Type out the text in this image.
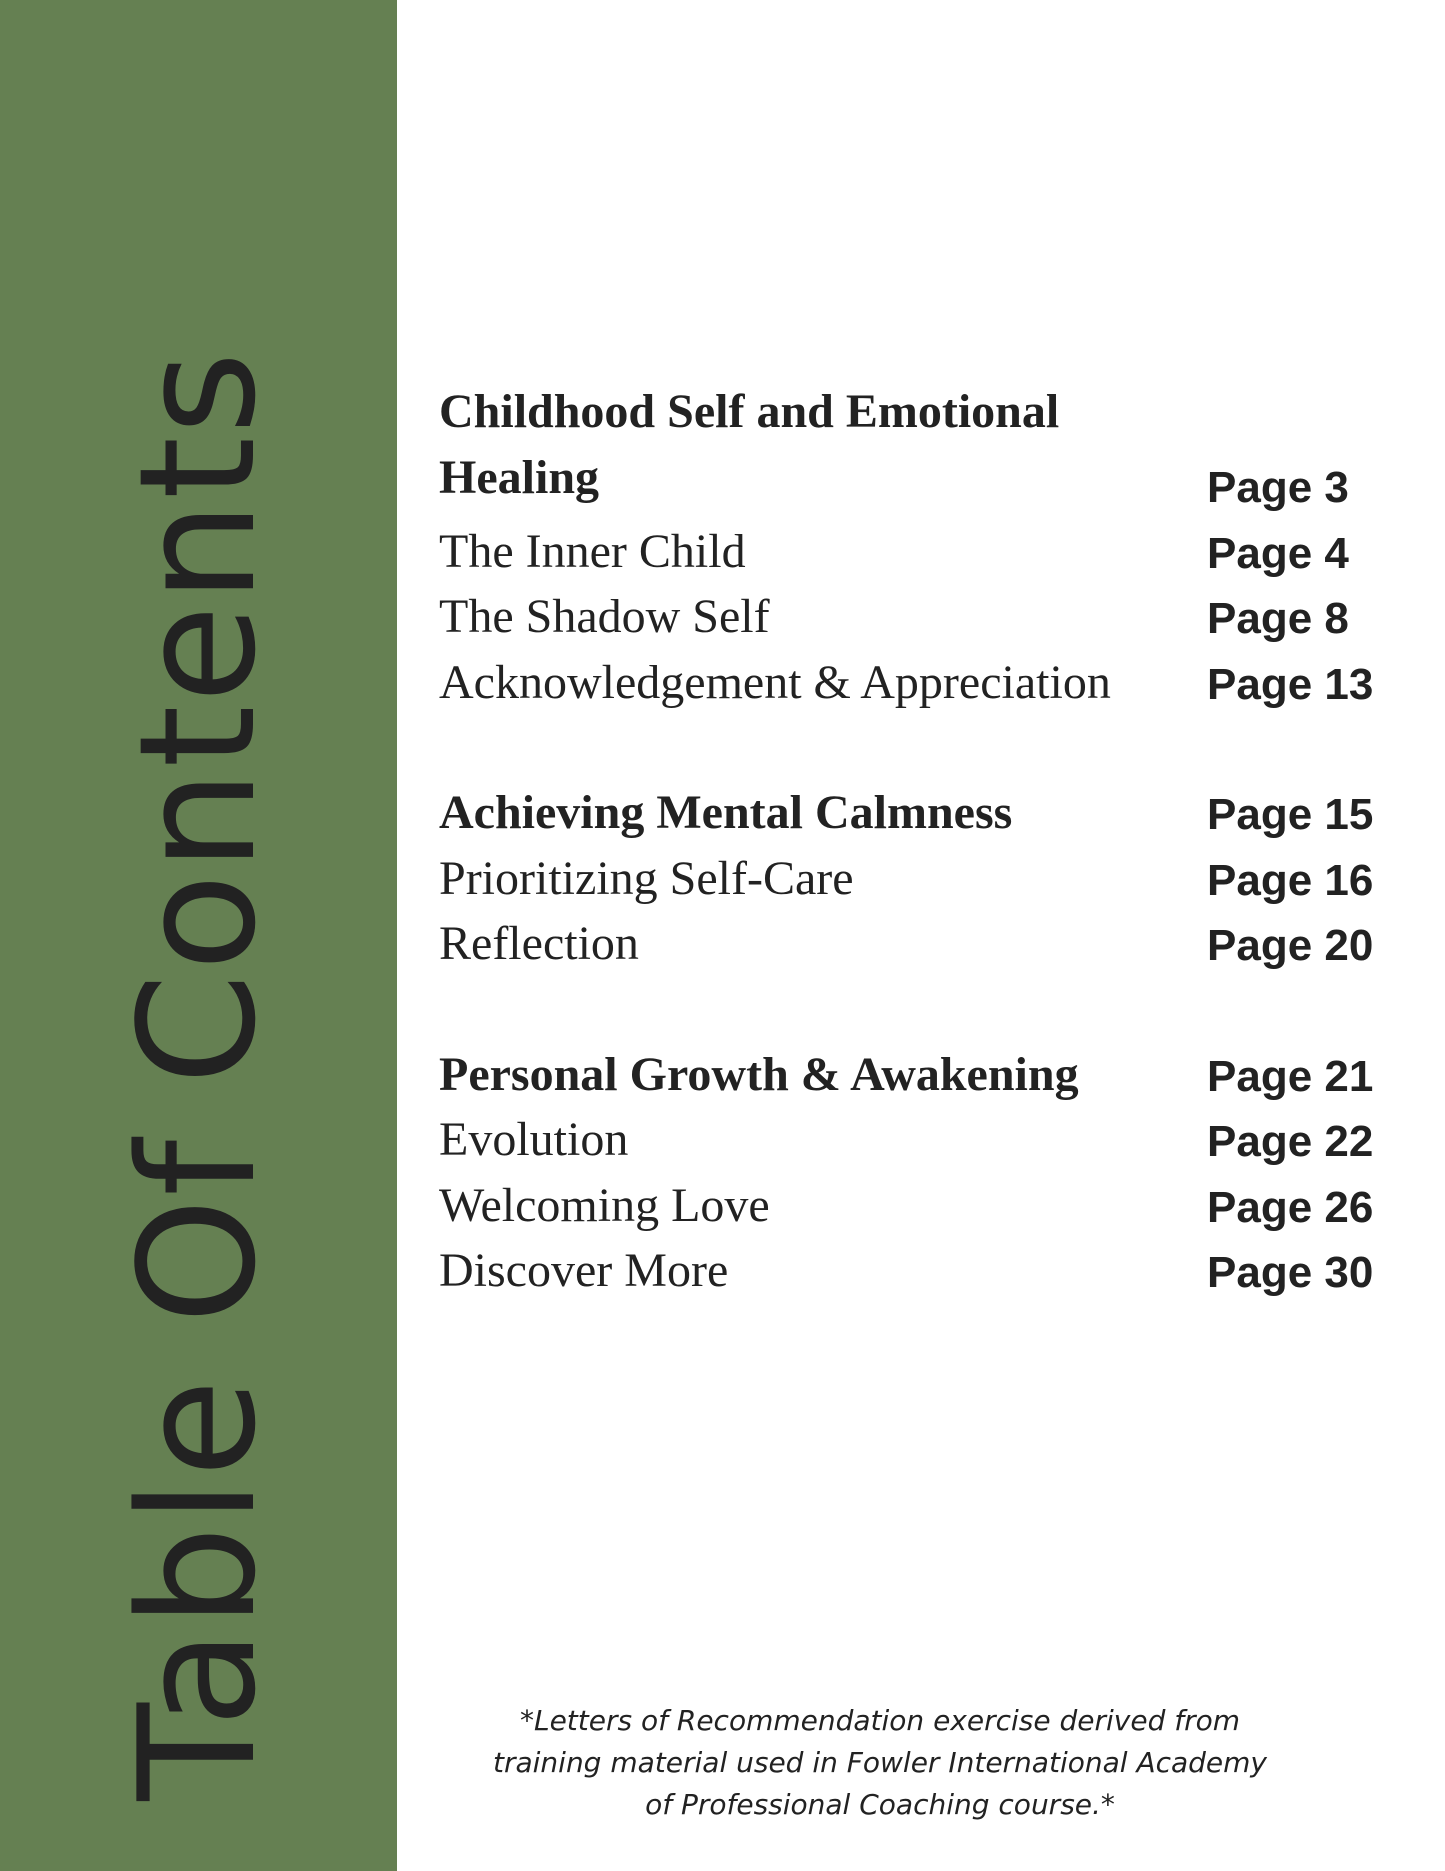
Table Of Contents	Childhood Self and Emotional Healing	Page 3
The Inner Child	Page 4
The Shadow Self	Page 8
Acknowledgement & Appreciation Page 13
Achieving Mental Calmness	Page 15
Prioritizing Self-Care	Page 16
Reflection	Page 20
Personal Growth & Awakening	Page 21
Evolution	Page 22
Welcoming Love	Page 26
Discover More	Page 30
*Letters of Recommendation exercise derived from
training material used in Fowler International Academy
of Professional Coaching course.*
